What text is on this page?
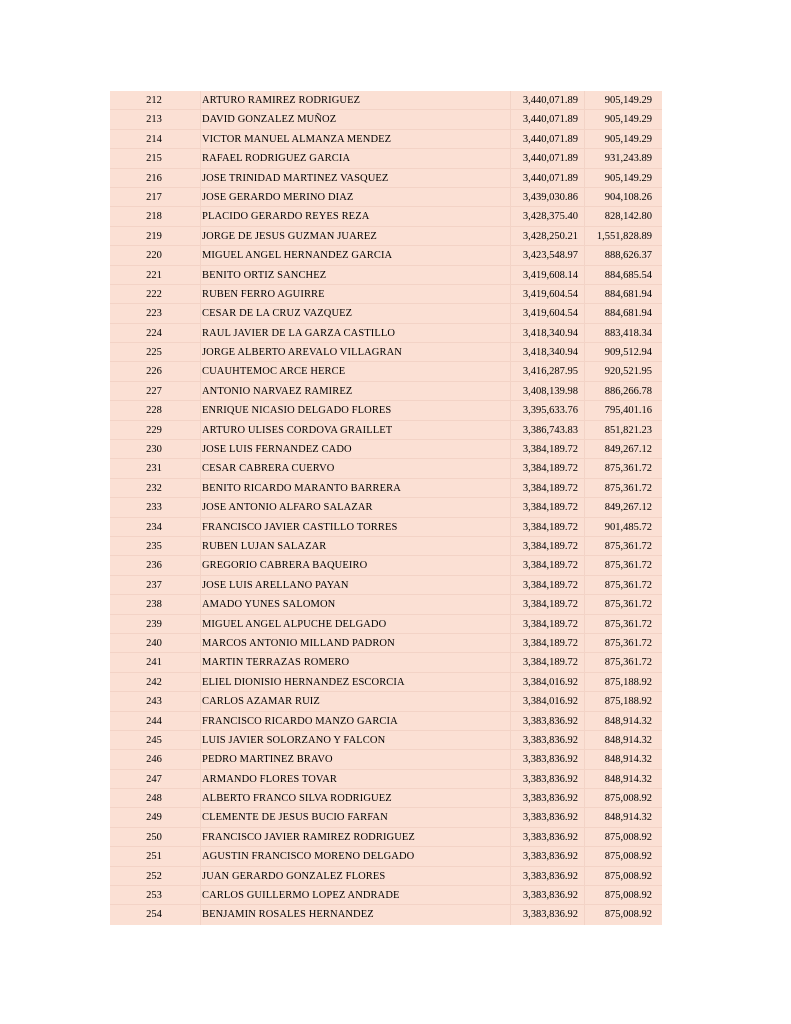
212	ARTURO RAMIREZ RODRIGUEZ	3,440,071.89	905,149.29
213	DAVID GONZALEZ MUÑOZ	3,440,071.89	905,149.29
214	VICTOR MANUEL ALMANZA MENDEZ	3,440,071.89	905,149.29
215	RAFAEL RODRIGUEZ GARCIA	3,440,071.89	931,243.89
216	JOSE TRINIDAD MARTINEZ VASQUEZ	3,440,071.89	905,149.29
217	JOSE GERARDO MERINO DIAZ	3,439,030.86	904,108.26
218	PLACIDO GERARDO REYES REZA	3,428,375.40	828,142.80
219	JORGE DE JESUS GUZMAN JUAREZ	3,428,250.21	1,551,828.89
220	MIGUEL ANGEL HERNANDEZ GARCIA	3,423,548.97	888,626.37
221	BENITO ORTIZ SANCHEZ	3,419,608.14	884,685.54
222	RUBEN FERRO AGUIRRE	3,419,604.54	884,681.94
223	CESAR DE LA CRUZ VAZQUEZ	3,419,604.54	884,681.94
224	RAUL JAVIER DE LA GARZA CASTILLO	3,418,340.94	883,418.34
225	JORGE ALBERTO AREVALO VILLAGRAN	3,418,340.94	909,512.94
226	CUAUHTEMOC ARCE HERCE	3,416,287.95	920,521.95
227	ANTONIO NARVAEZ RAMIREZ	3,408,139.98	886,266.78
228	ENRIQUE NICASIO DELGADO FLORES	3,395,633.76	795,401.16
229	ARTURO ULISES CORDOVA GRAILLET	3,386,743.83	851,821.23
230	JOSE LUIS FERNANDEZ CADO	3,384,189.72	849,267.12
231	CESAR CABRERA CUERVO	3,384,189.72	875,361.72
232	BENITO RICARDO MARANTO BARRERA	3,384,189.72	875,361.72
233	JOSE ANTONIO ALFARO SALAZAR	3,384,189.72	849,267.12
234	FRANCISCO JAVIER CASTILLO TORRES	3,384,189.72	901,485.72
235	RUBEN LUJAN SALAZAR	3,384,189.72	875,361.72
236	GREGORIO CABRERA BAQUEIRO	3,384,189.72	875,361.72
237	JOSE LUIS ARELLANO PAYAN	3,384,189.72	875,361.72
238	AMADO YUNES SALOMON	3,384,189.72	875,361.72
239	MIGUEL ANGEL ALPUCHE DELGADO	3,384,189.72	875,361.72
240	MARCOS ANTONIO MILLAND PADRON	3,384,189.72	875,361.72
241	MARTIN TERRAZAS ROMERO	3,384,189.72	875,361.72
242	ELIEL DIONISIO HERNANDEZ ESCORCIA	3,384,016.92	875,188.92
243	CARLOS AZAMAR RUIZ	3,384,016.92	875,188.92
244	FRANCISCO RICARDO MANZO GARCIA	3,383,836.92	848,914.32
245	LUIS JAVIER SOLORZANO Y FALCON	3,383,836.92	848,914.32
246	PEDRO MARTINEZ BRAVO	3,383,836.92	848,914.32
247	ARMANDO FLORES TOVAR	3,383,836.92	848,914.32
248	ALBERTO FRANCO SILVA RODRIGUEZ	3,383,836.92	875,008.92
249	CLEMENTE DE JESUS BUCIO FARFAN	3,383,836.92	848,914.32
250	FRANCISCO JAVIER RAMIREZ RODRIGUEZ	3,383,836.92	875,008.92
251	AGUSTIN FRANCISCO MORENO DELGADO	3,383,836.92	875,008.92
252	JUAN GERARDO GONZALEZ FLORES	3,383,836.92	875,008.92
253	CARLOS GUILLERMO LOPEZ ANDRADE	3,383,836.92	875,008.92
254	BENJAMIN ROSALES HERNANDEZ	3,383,836.92	875,008.92
